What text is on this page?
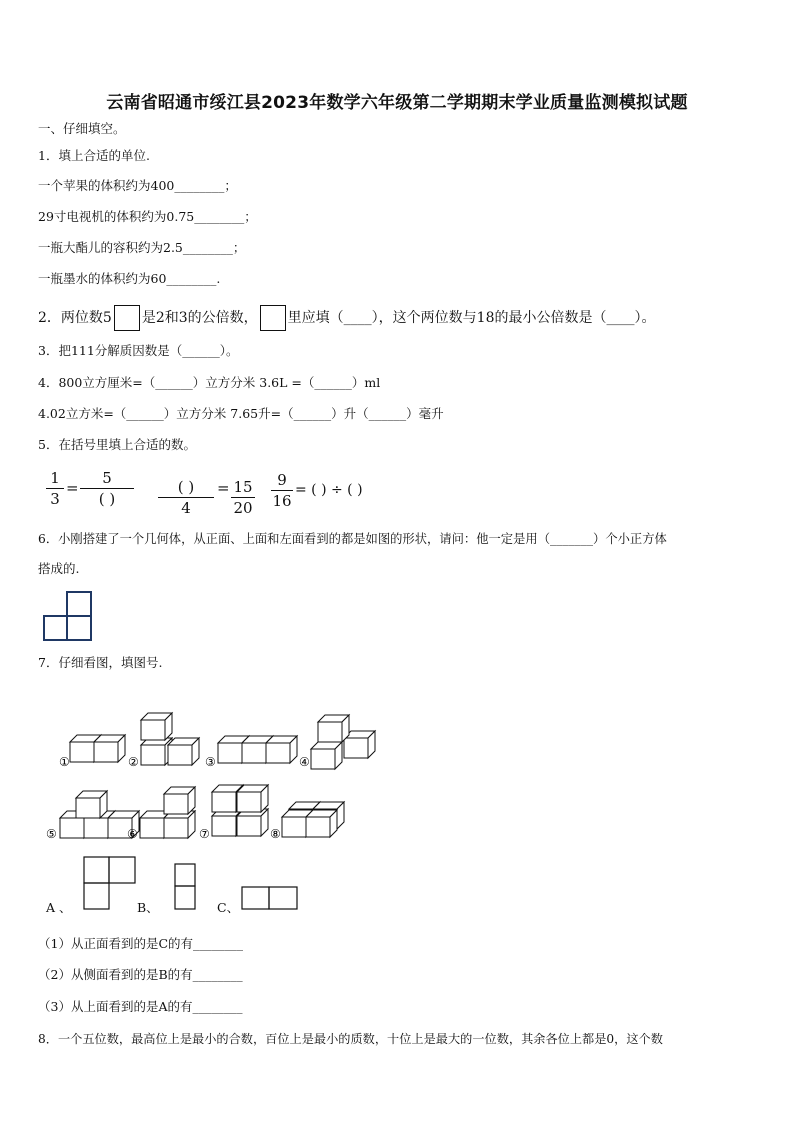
云南省昭通市绥江县2023年数学六年级第二学期期末学业质量监测模拟试题
一、仔细填空。
1．填上合适的单位.
一个苹果的体积约为400________；
29寸电视机的体积约为0.75________；
一瓶大酯儿的容积约为2.5________；
一瓶墨水的体积约为60________.
2．两位数5 是2和3的公倍数， 里应填（____），这个两位数与18的最小公倍数是（____）。
3．把111分解质因数是（______）。
4．800立方厘米=（______）立方分米 3.6L =（______）ml
4.02立方米=（______）立方分米 7.65升=（______）升（______）毫升
5．在括号里填上合适的数。
1
3
=
5
( )
( )
4
= 15
20
9
16
= ( ) ÷ ( )
6．小刚搭建了一个几何体，从正面、上面和左面看到的都是如图的形状，请问：他一定是用（_______）个小正方体
搭成的.
7．仔细看图，填图号.
①	②	③	④
⑤	⑥	⑦	⑧
A 、	B、	C、
（1）从正面看到的是C的有________
（2）从侧面看到的是B的有________
（3）从上面看到的是A的有________
8．一个五位数，最高位上是最小的合数，百位上是最小的质数，十位上是最大的一位数，其余各位上都是0，这个数
